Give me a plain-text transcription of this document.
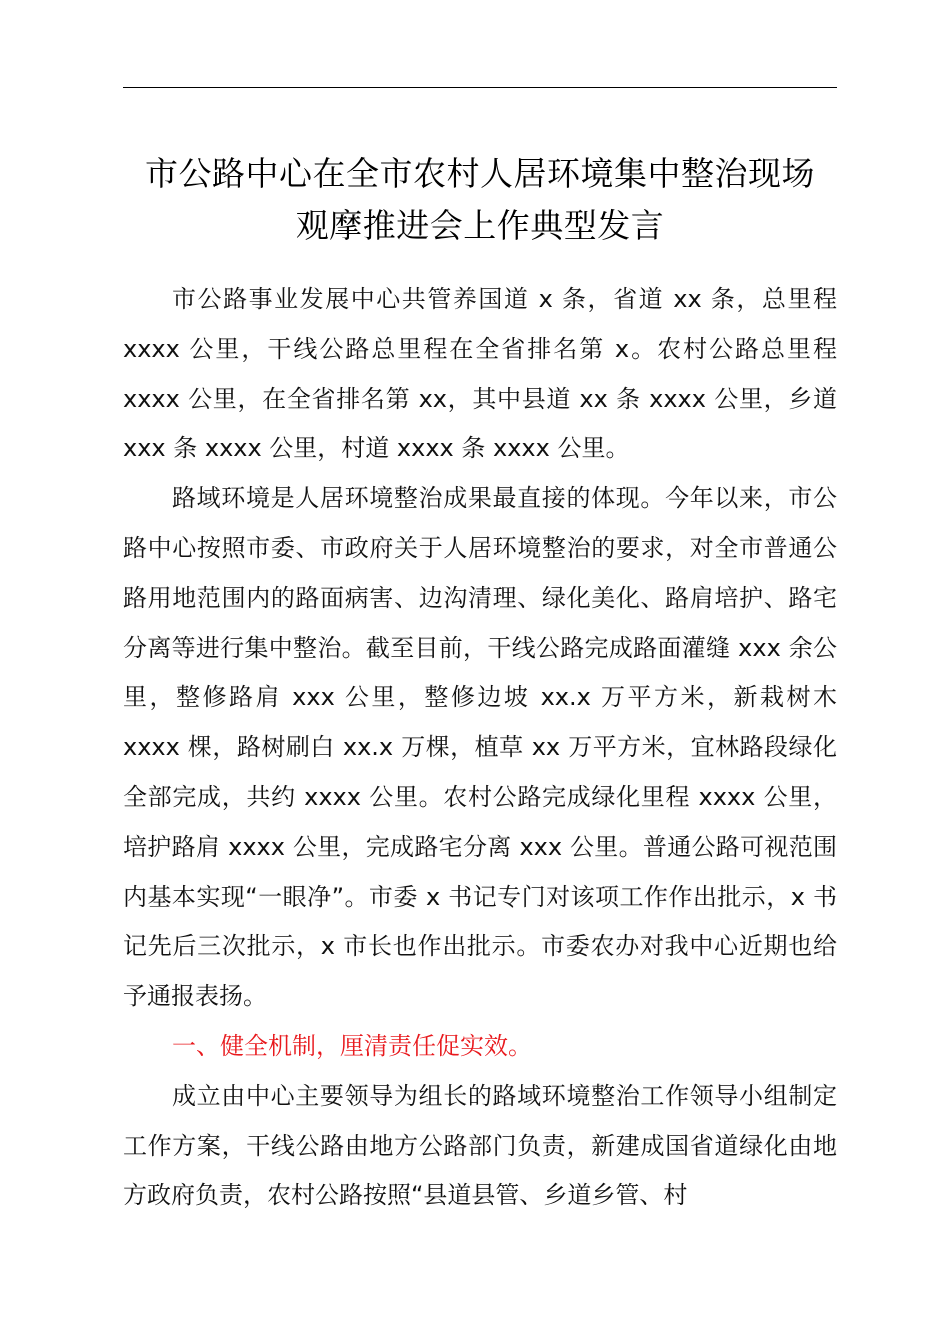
市公路中心在全市农村人居环境集中整治现场
观摩推进会上作典型发言

市公路事业发展中心共管养国道 x 条，省道 xx 条，总里程 xxxx 公里，干线公路总里程在全省排名第 x。农村公路总里程 xxxx 公里，在全省排名第 xx，其中县道 xx 条 xxxx 公里，乡道 xxx 条 xxxx 公里，村道 xxxx 条 xxxx 公里。

路域环境是人居环境整治成果最直接的体现。今年以来，市公路中心按照市委、市政府关于人居环境整治的要求，对全市普通公路用地范围内的路面病害、边沟清理、绿化美化、路肩培护、路宅分离等进行集中整治。截至目前，干线公路完成路面灌缝 xxx 余公里，整修路肩 xxx 公里，整修边坡 xx.x 万平方米，新栽树木 xxxx 棵，路树刷白 xx.x 万棵，植草 xx 万平方米，宜林路段绿化全部完成，共约 xxxx 公里。农村公路完成绿化里程 xxxx 公里，培护路肩 xxxx 公里，完成路宅分离 xxx 公里。普通公路可视范围内基本实现“一眼净”。市委 x 书记专门对该项工作作出批示，x 书记先后三次批示，x 市长也作出批示。市委农办对我中心近期也给予通报表扬。

一、健全机制，厘清责任促实效。

成立由中心主要领导为组长的路域环境整治工作领导小组制定工作方案，干线公路由地方公路部门负责，新建成国省道绿化由地方政府负责，农村公路按照“县道县管、乡道乡管、村
